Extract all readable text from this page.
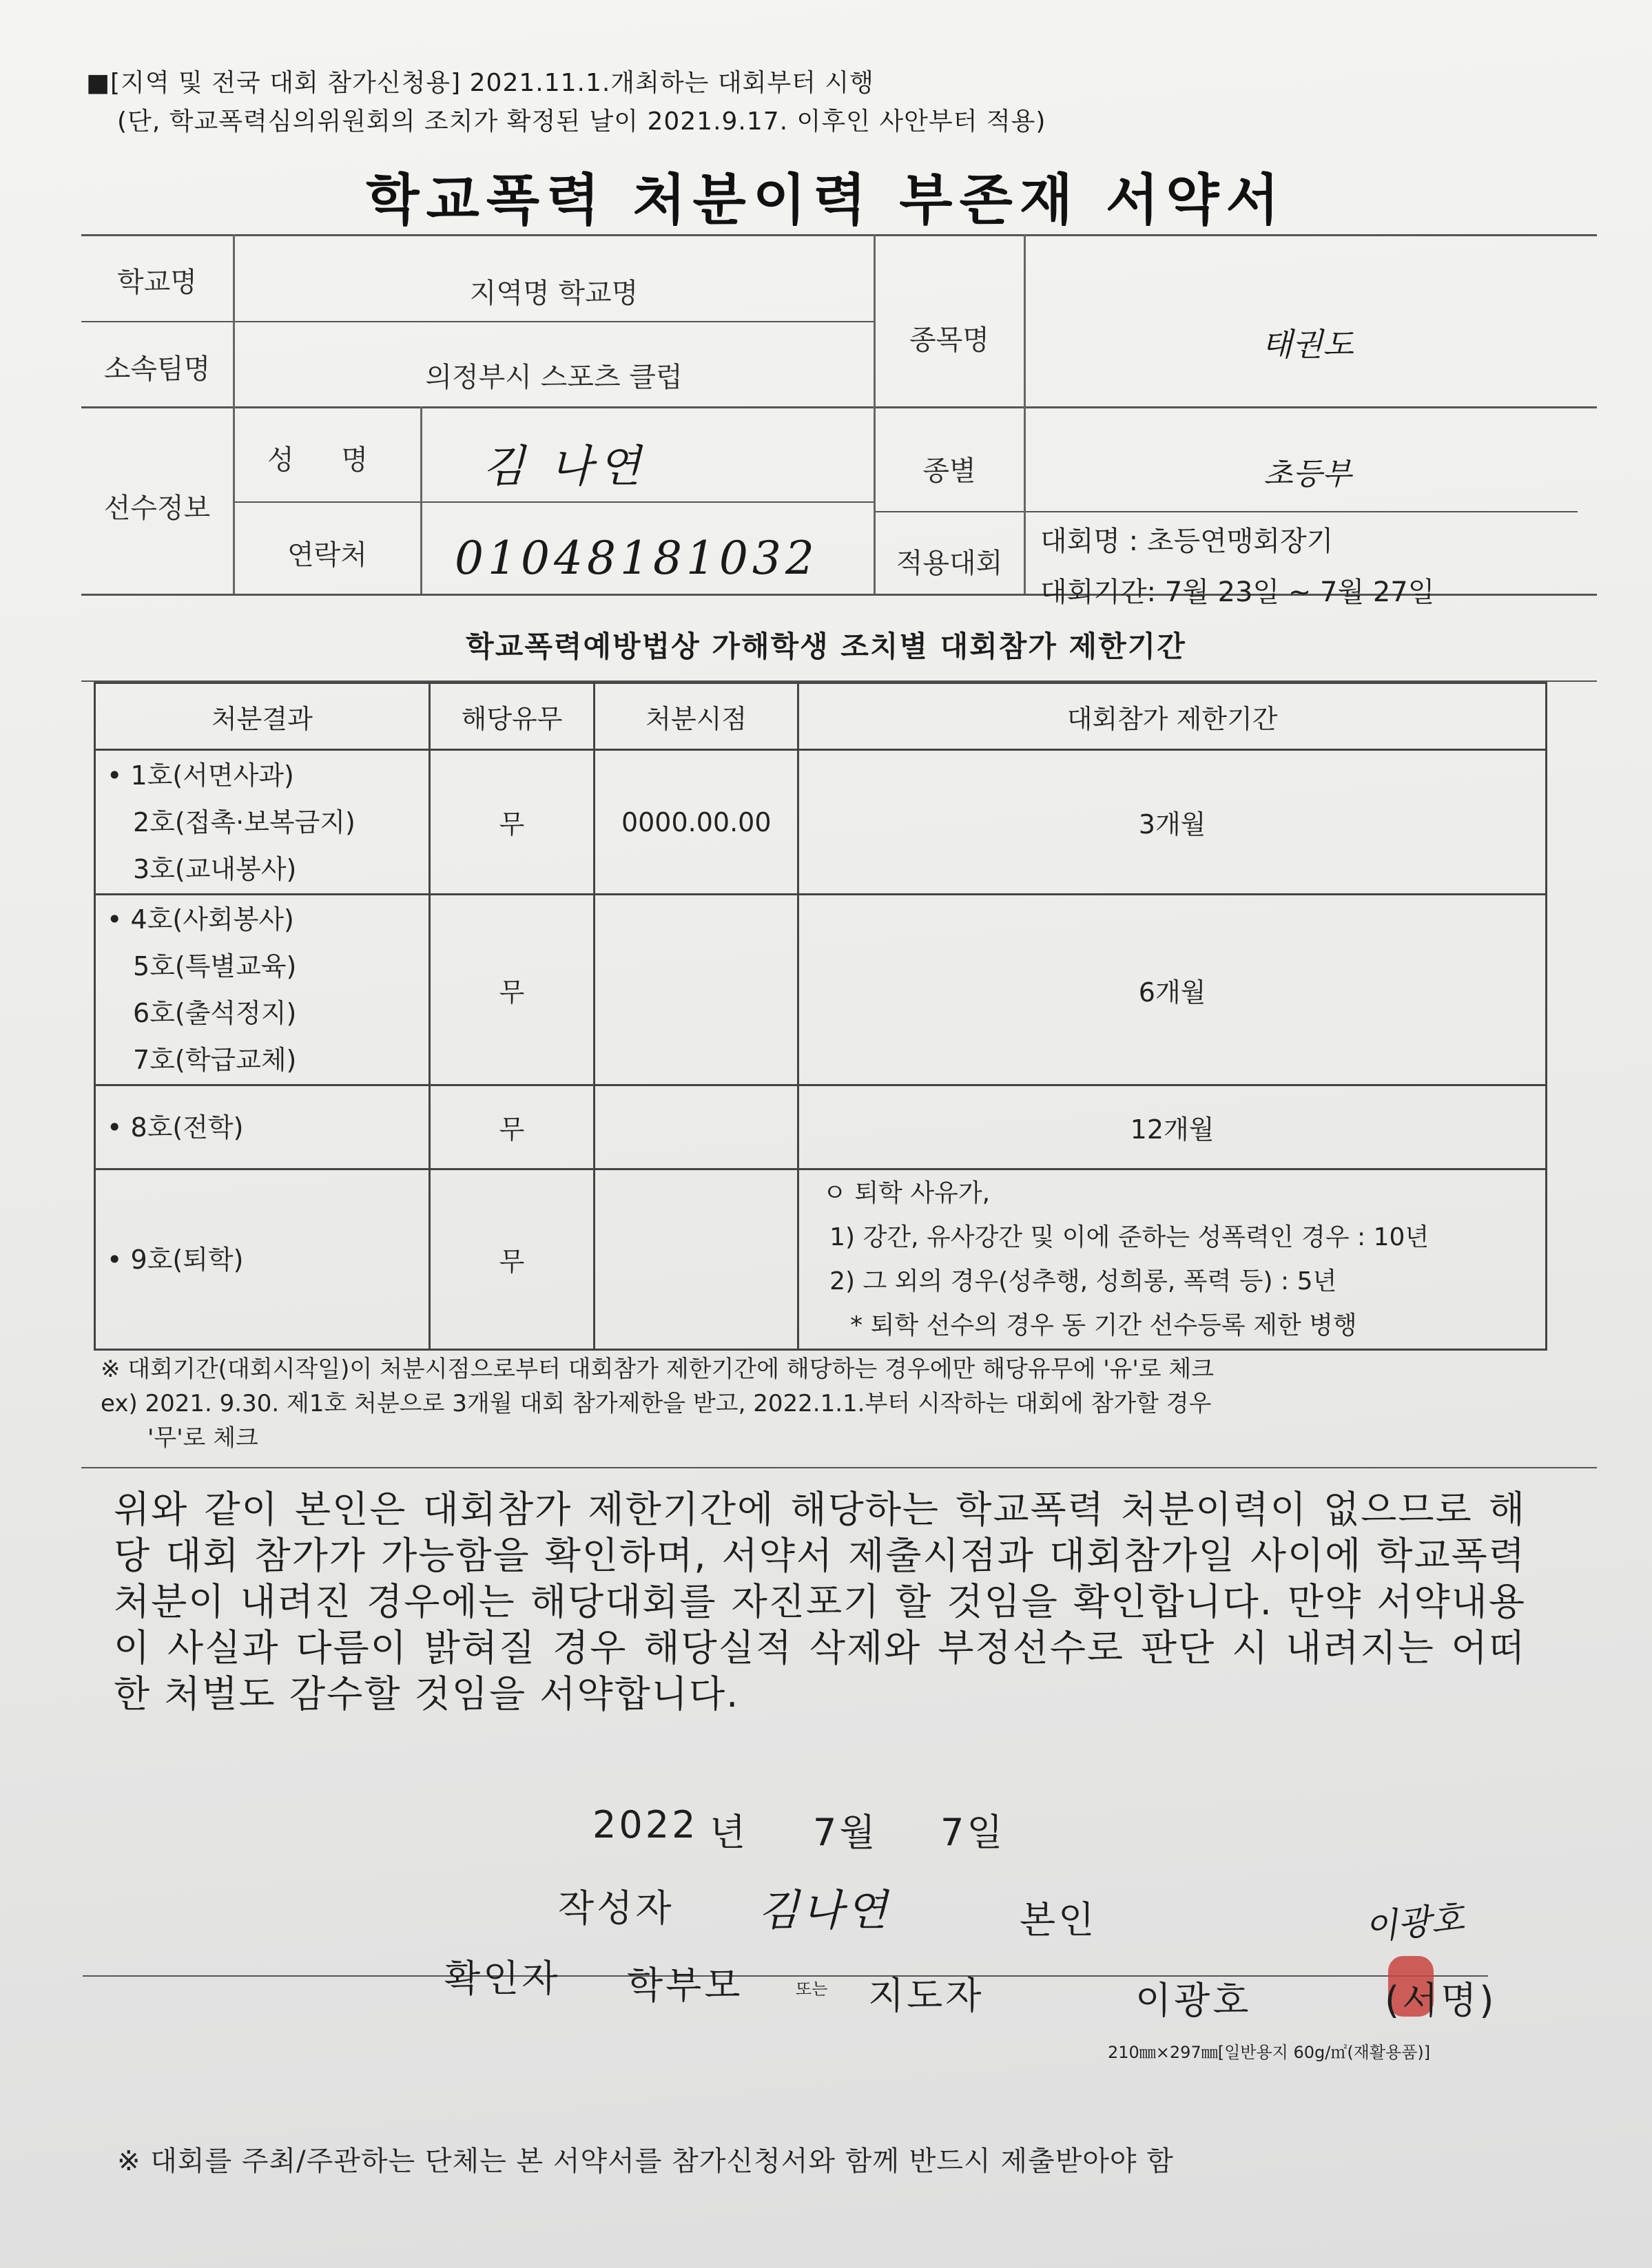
■[지역 및 전국 대회 참가신청용] 2021.11.1.개최하는 대회부터 시행
(단, 학교폭력심의위원회의 조치가 확정된 날이 2021.9.17. 이후인 사안부터 적용)
학교폭력 처분이력 부존재 서약서
학교명	지역명 학교명
소속팀명	의정부시 스포츠 클럽
종목명	태권도
선수정보
성 명	김 나연
연락처	01048181032
종별	초등부
적용대회
대회명 : 초등연맹회장기
대회기간: 7월 23일 ~ 7월 27일
학교폭력예방법상 가해학생 조치별 대회참가 제한기간
처분결과	해당유무	처분시점	대회참가 제한기간

• 1호(서면사과)
2호(접촉·보복금지)
3호(교내봉사)	무	0000.00.00	3개월

• 4호(사회봉사)
5호(특별교육)
6호(출석정지)
7호(학급교체)	무		6개월

• 8호(전학)	무		12개월

• 9호(퇴학)	무		ㅇ 퇴학 사유가,
1) 강간, 유사강간 및 이에 준하는 성폭력인 경우 : 10년
2) 그 외의 경우(성추행, 성희롱, 폭력 등) : 5년
* 퇴학 선수의 경우 동 기간 선수등록 제한 병행
※ 대회기간(대회시작일)이 처분시점으로부터 대회참가 제한기간에 해당하는 경우에만 해당유무에 '유'로 체크
ex) 2021. 9.30. 제1호 처분으로 3개월 대회 참가제한을 받고, 2022.1.1.부터 시작하는 대회에 참가할 경우
'무'로 체크
위와 같이 본인은 대회참가 제한기간에 해당하는 학교폭력 처분이력이 없으므로 해당 대회 참가가 가능함을 확인하며, 서약서 제출시점과 대회참가일 사이에 학교폭력 처분이 내려진 경우에는 해당대회를 자진포기 할 것임을 확인합니다. 만약 서약내용이 사실과 다름이 밝혀질 경우 해당실적 삭제와 부정선수로 판단 시 내려지는 어떠한 처벌도 감수할 것임을 서약합니다.
2022 년 7월 7일
작성자 김나연	본인	이광호
확인자 학부모	또는 지도자	이광호	(서명)
210㎜×297㎜[일반용지 60g/㎡(재활용품)]
※ 대회를 주최/주관하는 단체는 본 서약서를 참가신청서와 함께 반드시 제출받아야 함
